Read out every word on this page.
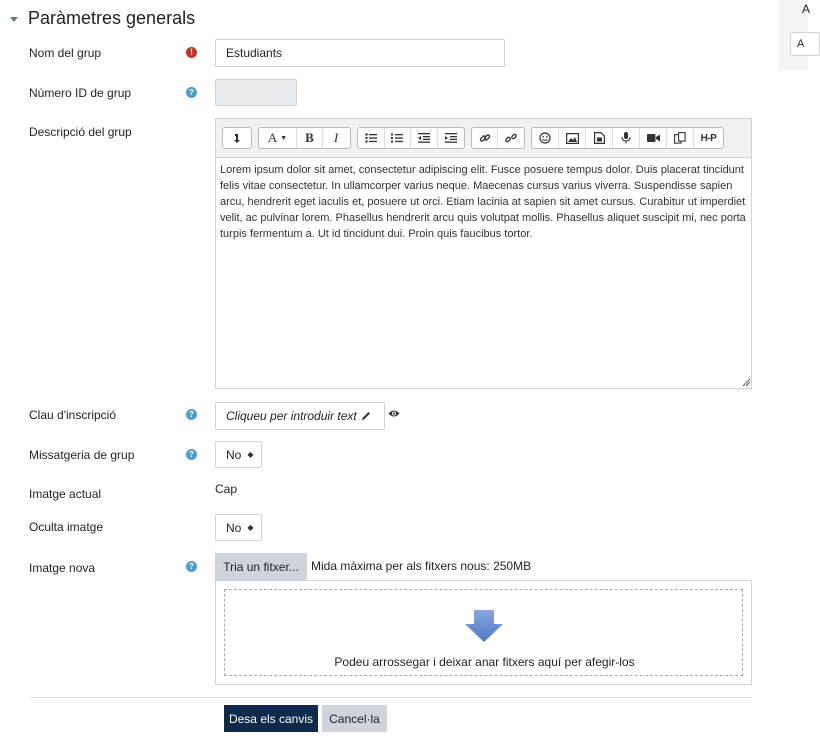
Paràmetres generals	A
A
Nom del grup	!	Estudiants
Número ID de grup	?
Descripció del grup	A ▼ B I	H-P
Lorem ipsum dolor sit amet, consectetur adipiscing elit. Fusce posuere tempus dolor. Duis placerat tincidunt felis vitae consectetur. In ullamcorper varius neque. Maecenas cursus varius viverra. Suspendisse sapien arcu, hendrerit eget iaculis et, posuere ut orci. Etiam lacinia at sapien sit amet cursus. Curabitur ut imperdiet velit, ac pulvinar lorem. Phasellus hendrerit arcu quis volutpat mollis. Phasellus aliquet suscipit mi, nec porta turpis fermentum a. Ut id tincidunt dui. Proin quis faucibus tortor.
Clau d'inscripció	?	Cliqueu per introduir text
Missatgeria de grup	?	No ◆
Imatge actual	Cap
Oculta imatge	No ◆
Imatge nova	? Tria un fitxer... Mida màxima per als fitxers nous: 250MB
Podeu arrossegar i deixar anar fitxers aquí per afegir-los
Desa els canvis Cancel·la
